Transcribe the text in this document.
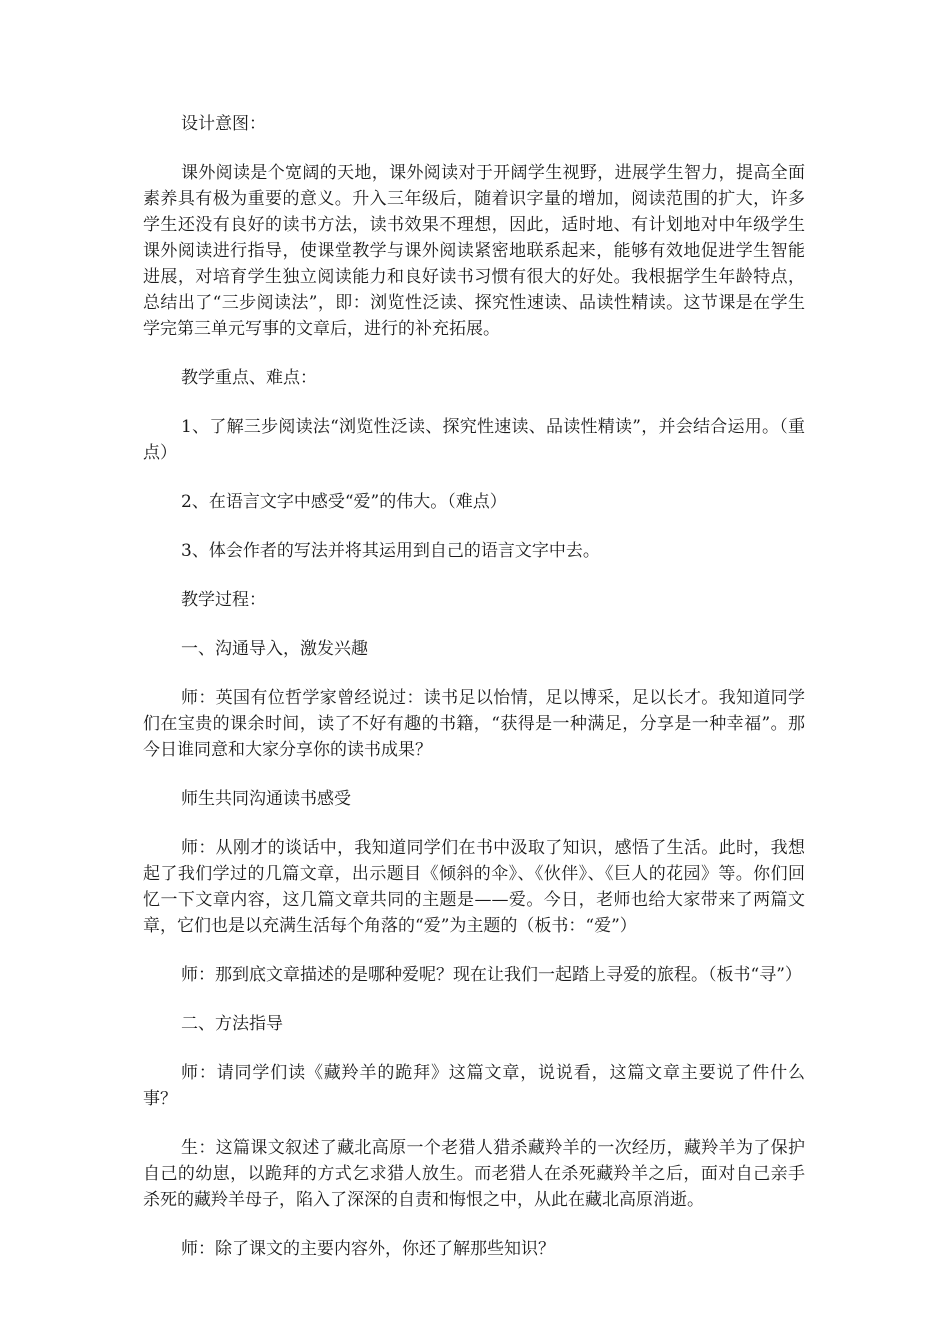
设计意图：

课外阅读是个宽阔的天地，课外阅读对于开阔学生视野，进展学生智力，提高全面素养具有极为重要的意义。升入三年级后，随着识字量的增加，阅读范围的扩大，许多学生还没有良好的读书方法，读书效果不理想，因此，适时地、有计划地对中年级学生课外阅读进行指导，使课堂教学与课外阅读紧密地联系起来，能够有效地促进学生智能进展，对培育学生独立阅读能力和良好读书习惯有很大的好处。我根据学生年龄特点，总结出了“三步阅读法”，即：浏览性泛读、探究性速读、品读性精读。这节课是在学生学完第三单元写事的文章后，进行的补充拓展。

教学重点、难点：

1、了解三步阅读法“浏览性泛读、探究性速读、品读性精读”，并会结合运用。（重点）

2、在语言文字中感受“爱”的伟大。（难点）

3、体会作者的写法并将其运用到自己的语言文字中去。

教学过程：

一、沟通导入，激发兴趣

师：英国有位哲学家曾经说过：读书足以怡情，足以博采，足以长才。我知道同学们在宝贵的课余时间，读了不好有趣的书籍，“获得是一种满足，分享是一种幸福”。那今日谁同意和大家分享你的读书成果？

师生共同沟通读书感受

师：从刚才的谈话中，我知道同学们在书中汲取了知识，感悟了生活。此时，我想起了我们学过的几篇文章，出示题目《倾斜的伞》、《伙伴》、《巨人的花园》等。你们回忆一下文章内容，这几篇文章共同的主题是——爱。今日，老师也给大家带来了两篇文章，它们也是以充满生活每个角落的“爱”为主题的（板书：“爱”）

师：那到底文章描述的是哪种爱呢？现在让我们一起踏上寻爱的旅程。（板书“寻”）

二、方法指导

师：请同学们读《藏羚羊的跪拜》这篇文章，说说看，这篇文章主要说了件什么事？

生：这篇课文叙述了藏北高原一个老猎人猎杀藏羚羊的一次经历，藏羚羊为了保护自己的幼崽，以跪拜的方式乞求猎人放生。而老猎人在杀死藏羚羊之后，面对自己亲手杀死的藏羚羊母子，陷入了深深的自责和悔恨之中，从此在藏北高原消逝。

师：除了课文的主要内容外，你还了解那些知识？
